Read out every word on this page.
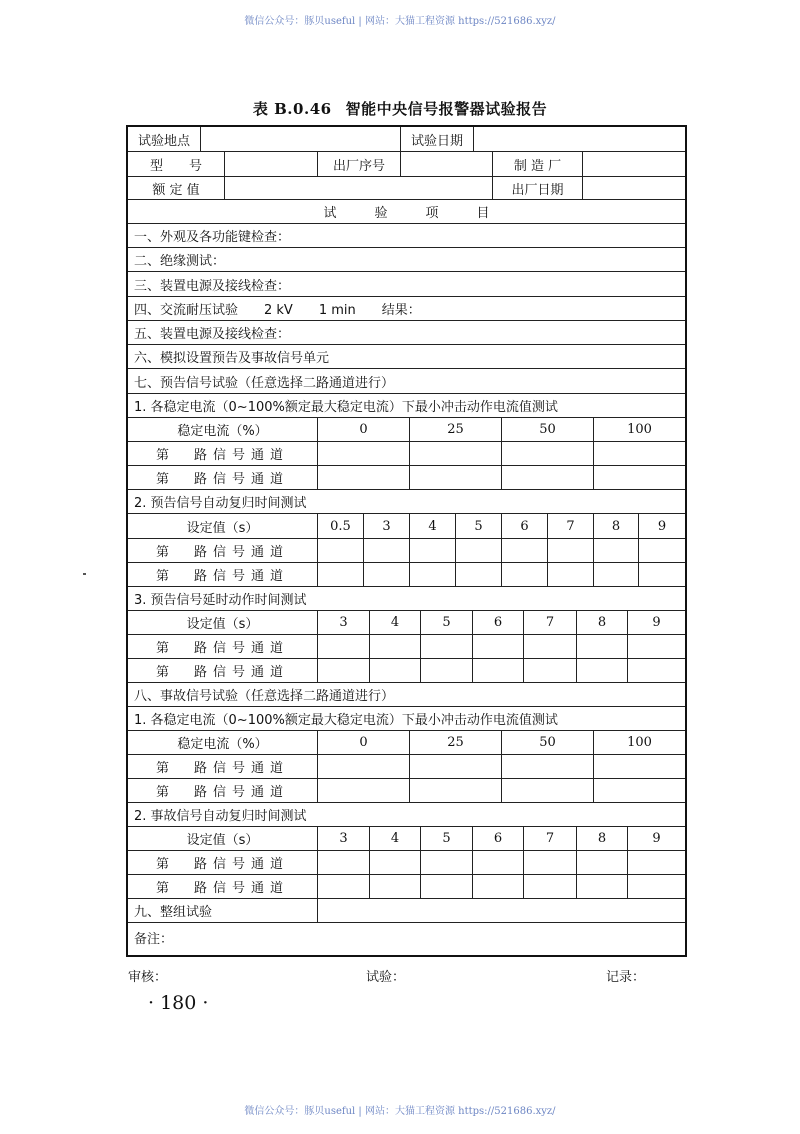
微信公众号：豚贝useful | 网站：大猫工程资源 https://521686.xyz/
表 B.0.46 智能中央信号报警器试验报告
试验地点	试验日期
型　　号	出厂序号	制 造 厂
额 定 值	出厂日期
试验项目
一、外观及各功能键检查：
二、绝缘测试：
三、装置电源及接线检查：
四、交流耐压试验　　2 kV　　1 min　　结果：
五、装置电源及接线检查：
六、模拟设置预告及事故信号单元
七、预告信号试验（任意选择二路通道进行）
1. 各稳定电流（0~100%额定最大稳定电流）下最小冲击动作电流值测试
稳定电流（%）	0	25	50	100
第　路信号通道
第　路信号通道
2. 预告信号自动复归时间测试
设定值（s）	0.5	3	4	5	6	7	8	9
第　路信号通道
第　路信号通道
3. 预告信号延时动作时间测试
设定值（s）	3	4	5	6	7	8	9
第　路信号通道
第　路信号通道
八、事故信号试验（任意选择二路通道进行）
1. 各稳定电流（0~100%额定最大稳定电流）下最小冲击动作电流值测试
稳定电流（%）	0	25	50	100
第　路信号通道
第　路信号通道
2. 事故信号自动复归时间测试
设定值（s）	3	4	5	6	7	8	9
第　路信号通道
第　路信号通道
九、整组试验
备注：
审核：	试验：	记录：
· 180 ·
微信公众号：豚贝useful | 网站：大猫工程资源 https://521686.xyz/
